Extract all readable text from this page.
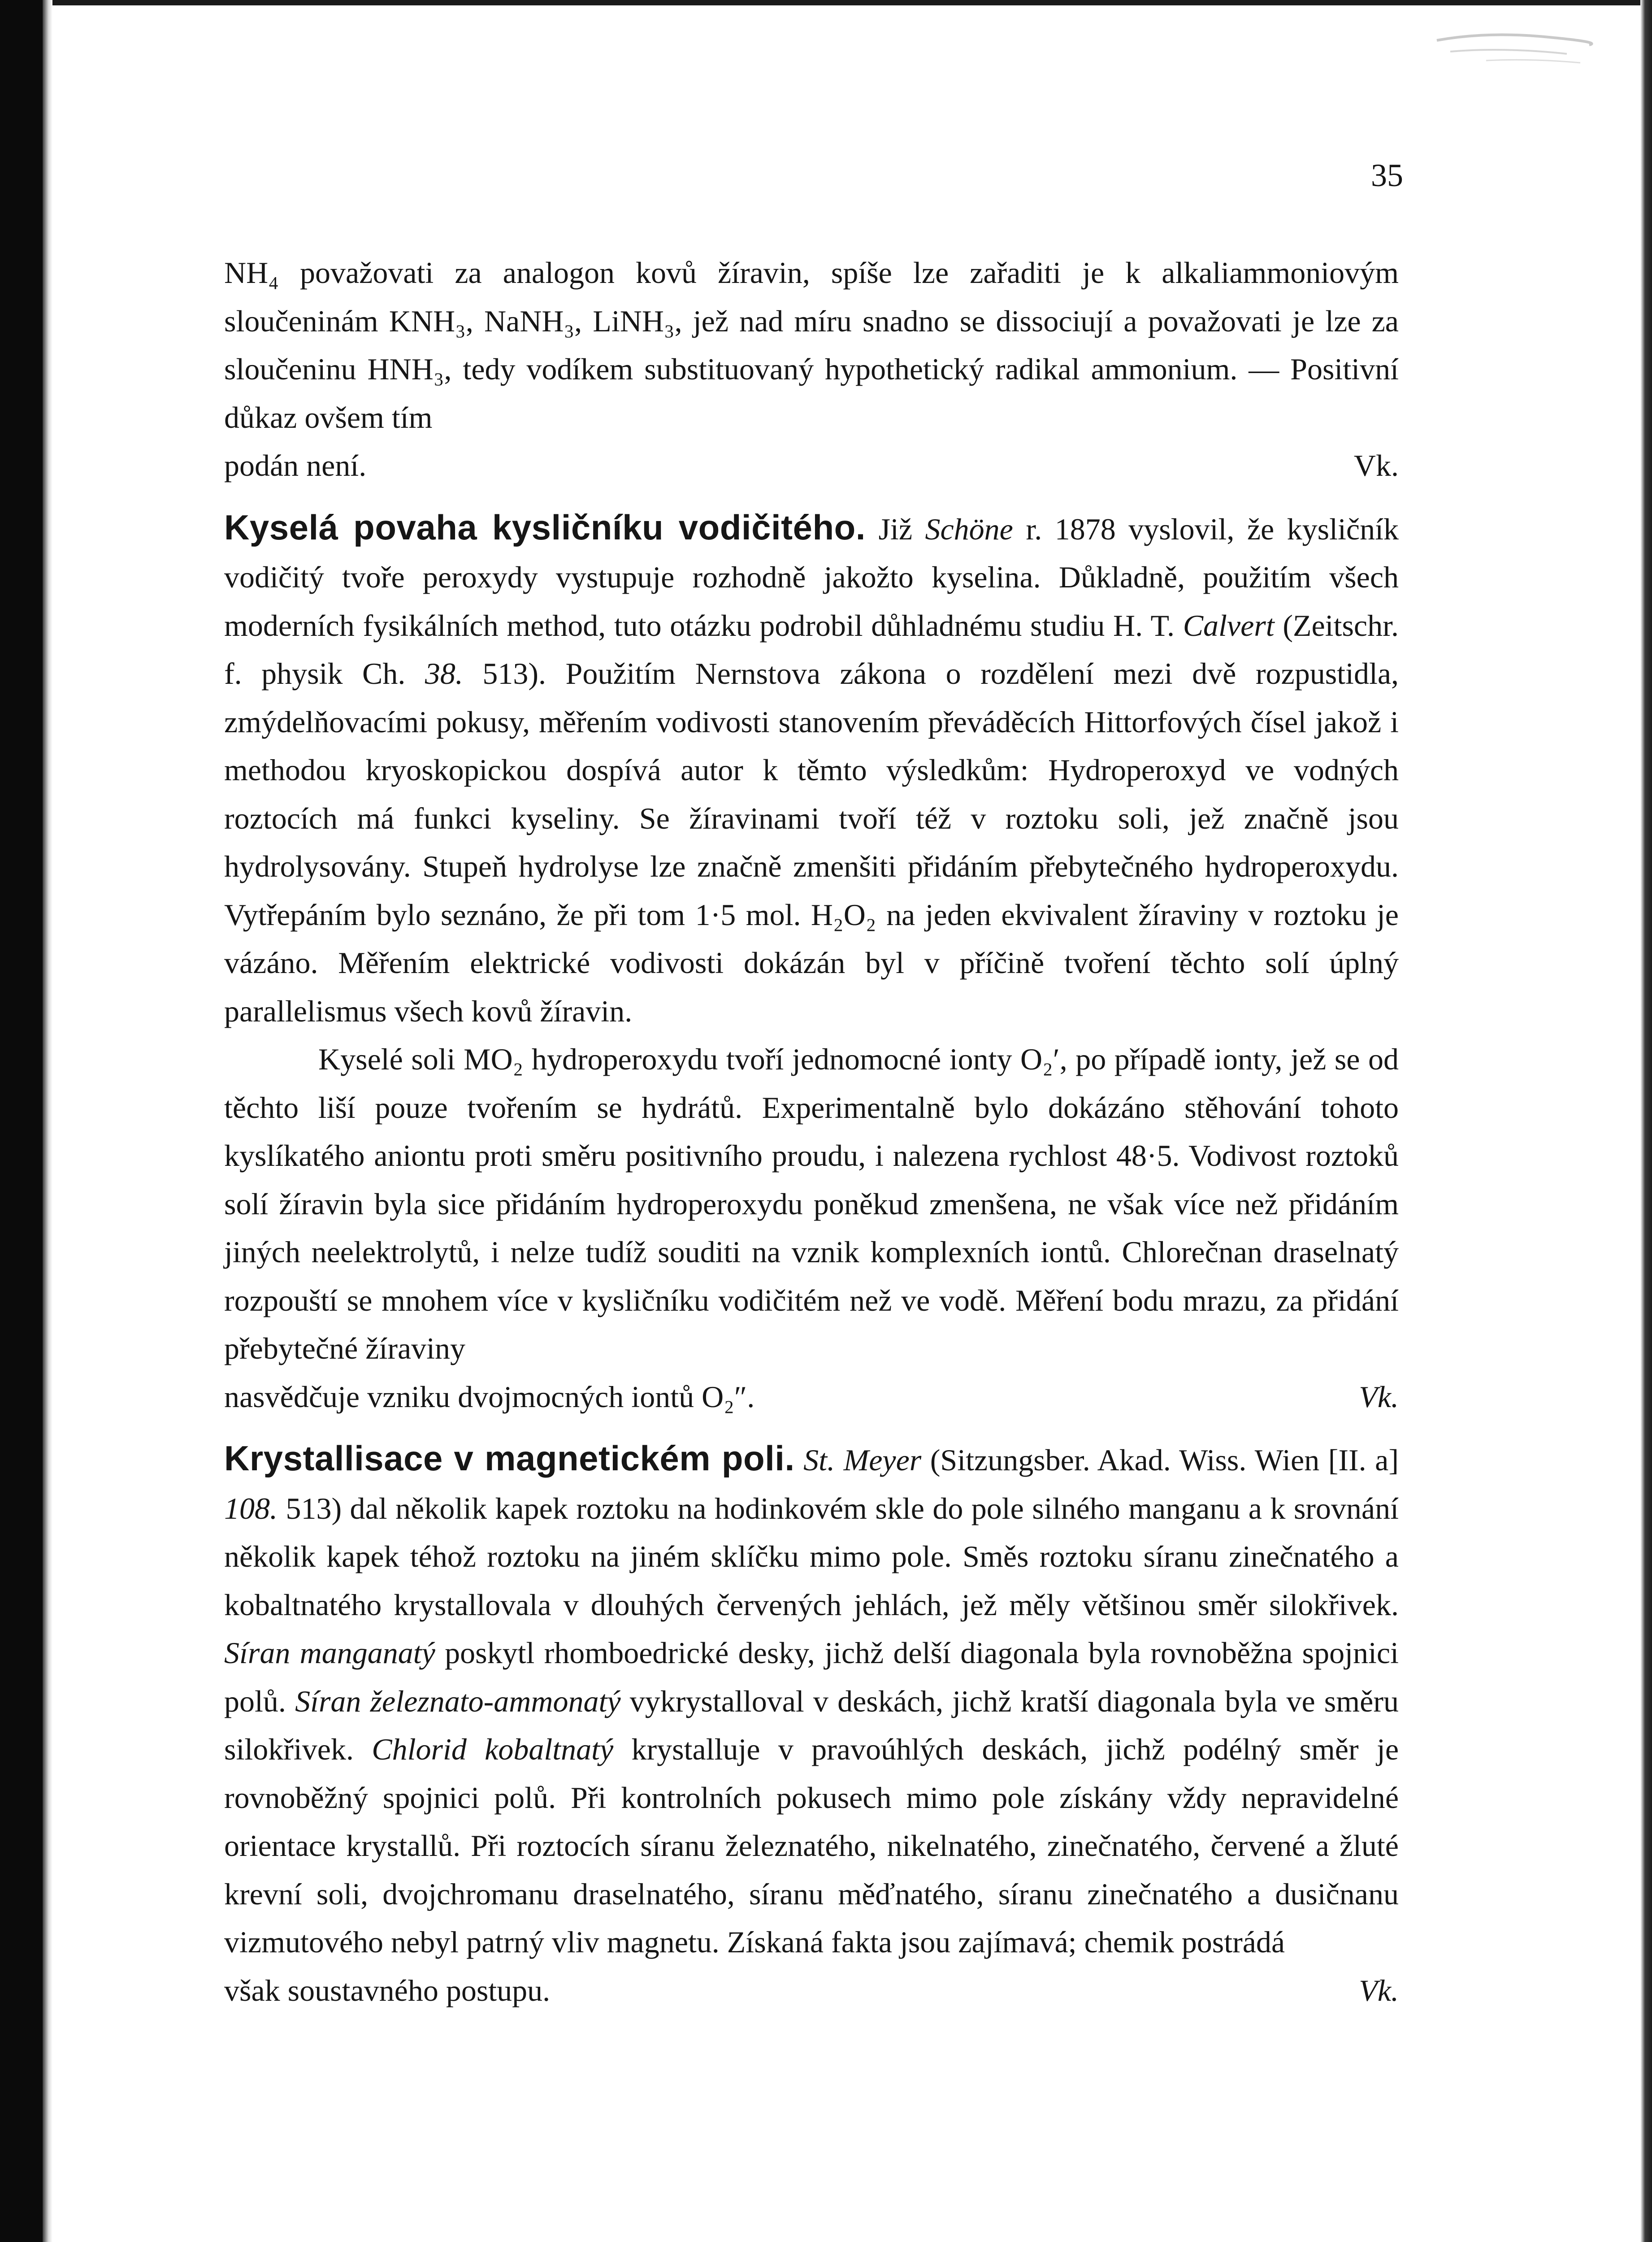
35

NH₄ považovati za analogon kovů žíravin, spíše lze zařaditi je k alkaliammoniovým sloučeninám KNH₃, NaNH₃, LiNH₃, jež nad míru snadno se dissociují a považovati je lze za sloučeninu HNH₃, tedy vodíkem substituovaný hypothetický radikal ammonium. — Positivní důkaz ovšem tím

podán není.	Vk.

Kyselá povaha kysličníku vodičitého. Již Schöne r. 1878 vyslovil, že kysličník vodičitý tvoře peroxydy vystupuje rozhodně jakožto kyselina. Důkladně, použitím všech moderních fysikálních method, tuto otázku podrobil důhladnému studiu H. T. Calvert (Zeitschr. f. physik Ch. 38. 513). Použitím Nernstova zákona o rozdělení mezi dvě rozpustidla, zmýdelňovacími pokusy, měřením vodivosti stanovením převáděcích Hittorfových čísel jakož i methodou kryoskopickou dospívá autor k těmto výsledkům: Hydroperoxyd ve vodných roztocích má funkci kyseliny. Se žíravinami tvoří též v roztoku soli, jež značně jsou hydrolysovány. Stupeň hydrolyse lze značně zmenšiti přidáním přebytečného hydroperoxydu. Vytřepáním bylo seznáno, že při tom 1·5 mol. H₂O₂ na jeden ekvivalent žíraviny v roztoku je vázáno. Měřením elektrické vodivosti dokázán byl v příčině tvoření těchto solí úplný parallelismus všech kovů žíravin.

Kyselé soli MO₂ hydroperoxydu tvoří jednomocné ionty O₂′, po případě ionty, jež se od těchto liší pouze tvořením se hydrátů. Experimentalně bylo dokázáno stěhování tohoto kyslíkatého aniontu proti směru positivního proudu, i nalezena rychlost 48·5. Vodivost roztoků solí žíravin byla sice přidáním hydroperoxydu poněkud zmenšena, ne však více než přidáním jiných neelektrolytů, i nelze tudíž souditi na vznik komplexních iontů. Chlorečnan draselnatý rozpouští se mnohem více v kysličníku vodičitém než ve vodě. Měření bodu mrazu, za přidání přebytečné žíraviny

nasvědčuje vzniku dvojmocných iontů O₂″.	Vk.

Krystallisace v magnetickém poli. St. Meyer (Sitzungsber. Akad. Wiss. Wien [II. a] 108. 513) dal několik kapek roztoku na hodinkovém skle do pole silného manganu a k srovnání několik kapek téhož roztoku na jiném sklíčku mimo pole. Směs roztoku síranu zinečnatého a kobaltnatého krystallovala v dlouhých červených jehlách, jež měly většinou směr silokřivek. Síran manganatý poskytl rhomboedrické desky, jichž delší diagonala byla rovnoběžna spojnici polů. Síran železnato-ammonatý vykrystalloval v deskách, jichž kratší diagonala byla ve směru silokřivek. Chlorid kobaltnatý krystalluje v pravoúhlých deskách, jichž podélný směr je rovnoběžný spojnici polů. Při kontrolních pokusech mimo pole získány vždy nepravidelné orientace krystallů. Při roztocích síranu železnatého, nikelnatého, zinečnatého, červené a žluté krevní soli, dvojchromanu draselnatého, síranu měďnatého, síranu zinečnatého a dusičnanu vizmutového nebyl patrný vliv magnetu. Získaná fakta jsou zajímavá; chemik postrádá

však soustavného postupu.	Vk.
